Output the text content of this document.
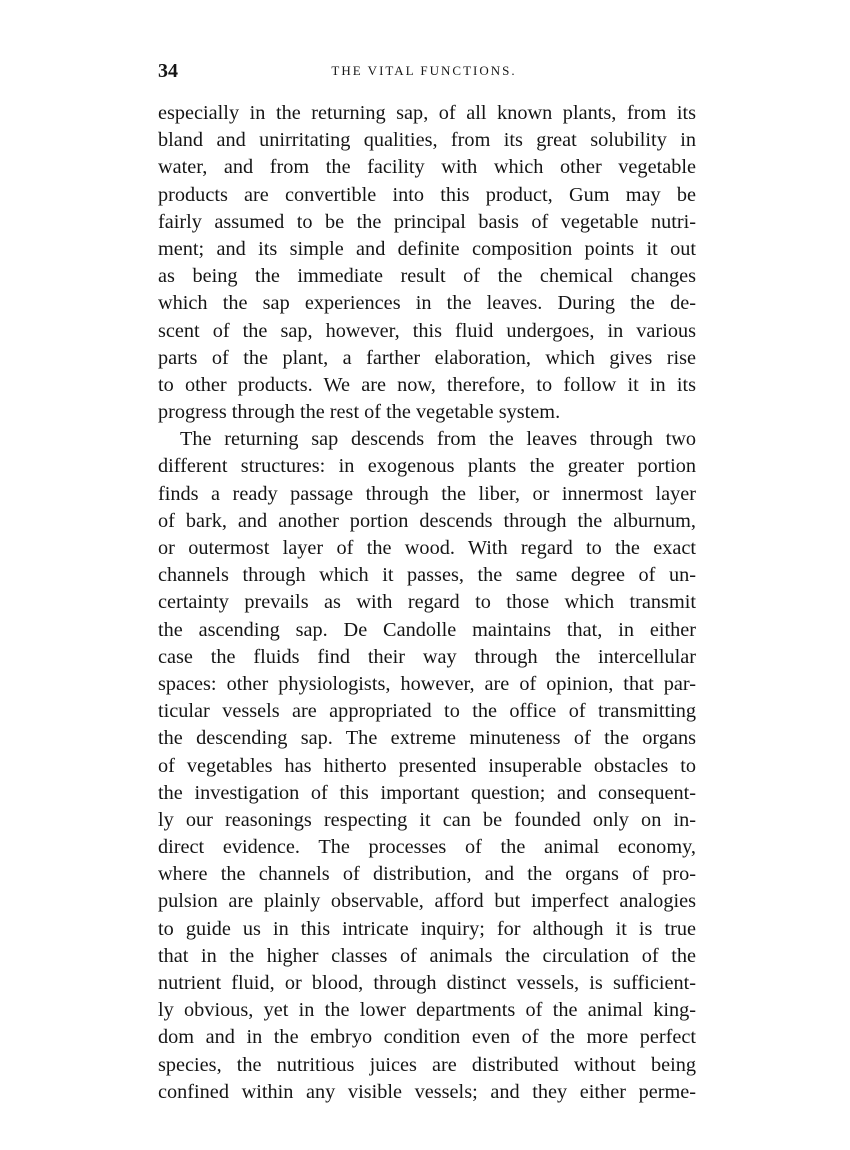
34	THE VITAL FUNCTIONS.
especially in the returning sap, of all known plants, from its
bland and unirritating qualities, from its great solubility in
water, and from the facility with which other vegetable
products are convertible into this product, Gum may be
fairly assumed to be the principal basis of vegetable nutri-
ment; and its simple and definite composition points it out
as being the immediate result of the chemical changes
which the sap experiences in the leaves. During the de-
scent of the sap, however, this fluid undergoes, in various
parts of the plant, a farther elaboration, which gives rise
to other products. We are now, therefore, to follow it in its
progress through the rest of the vegetable system.
The returning sap descends from the leaves through two
different structures: in exogenous plants the greater portion
finds a ready passage through the liber, or innermost layer
of bark, and another portion descends through the alburnum,
or outermost layer of the wood. With regard to the exact
channels through which it passes, the same degree of un-
certainty prevails as with regard to those which transmit
the ascending sap. De Candolle maintains that, in either
case the fluids find their way through the intercellular
spaces: other physiologists, however, are of opinion, that par-
ticular vessels are appropriated to the office of transmitting
the descending sap. The extreme minuteness of the organs
of vegetables has hitherto presented insuperable obstacles to
the investigation of this important question; and consequent-
ly our reasonings respecting it can be founded only on in-
direct evidence. The processes of the animal economy,
where the channels of distribution, and the organs of pro-
pulsion are plainly observable, afford but imperfect analogies
to guide us in this intricate inquiry; for although it is true
that in the higher classes of animals the circulation of the
nutrient fluid, or blood, through distinct vessels, is sufficient-
ly obvious, yet in the lower departments of the animal king-
dom and in the embryo condition even of the more perfect
species, the nutritious juices are distributed without being
confined within any visible vessels; and they either perme-
